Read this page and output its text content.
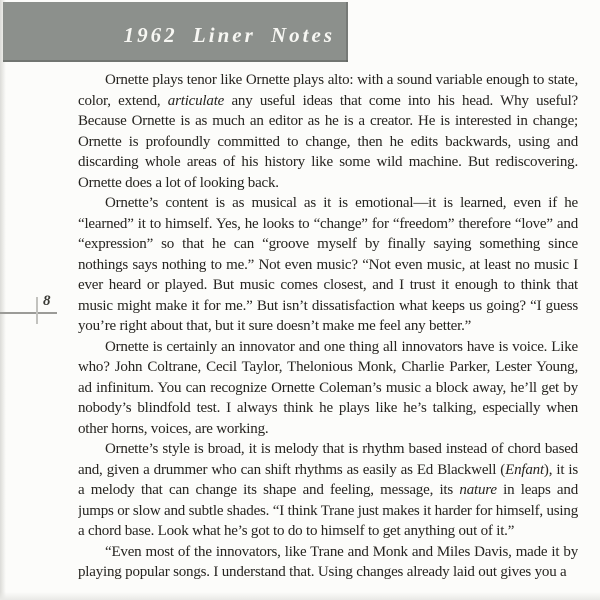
1962 Liner Notes

Ornette plays tenor like Ornette plays alto: with a sound variable enough to state, color, extend, articulate any useful ideas that come into his head. Why useful? Because Ornette is as much an editor as he is a creator. He is interested in change; Ornette is profoundly committed to change, then he edits backwards, using and discarding whole areas of his history like some wild machine. But rediscovering. Ornette does a lot of looking back.

Ornette’s content is as musical as it is emotional—it is learned, even if he “learned” it to himself. Yes, he looks to “change” for “freedom” therefore “love” and “expression” so that he can “groove myself by finally saying something since nothings says nothing to me.” Not even music? “Not even music, at least no music I ever heard or played. But music comes closest, and I trust it enough to think that music might make it for me.” But isn’t dissatisfaction what keeps us going? “I guess you’re right about that, but it sure doesn’t make me feel any better.”

Ornette is certainly an innovator and one thing all innovators have is voice. Like who? John Coltrane, Cecil Taylor, Thelonious Monk, Charlie Parker, Lester Young, ad infinitum. You can recognize Ornette Coleman’s music a block away, he’ll get by nobody’s blindfold test. I always think he plays like he’s talking, especially when other horns, voices, are working.

Ornette’s style is broad, it is melody that is rhythm based instead of chord based and, given a drummer who can shift rhythms as easily as Ed Blackwell (Enfant), it is a melody that can change its shape and feeling, message, its nature in leaps and jumps or slow and subtle shades. “I think Trane just makes it harder for himself, using a chord base. Look what he’s got to do to himself to get anything out of it.”

“Even most of the innovators, like Trane and Monk and Miles Davis, made it by playing popular songs. I understand that. Using changes already laid out gives you a

8
